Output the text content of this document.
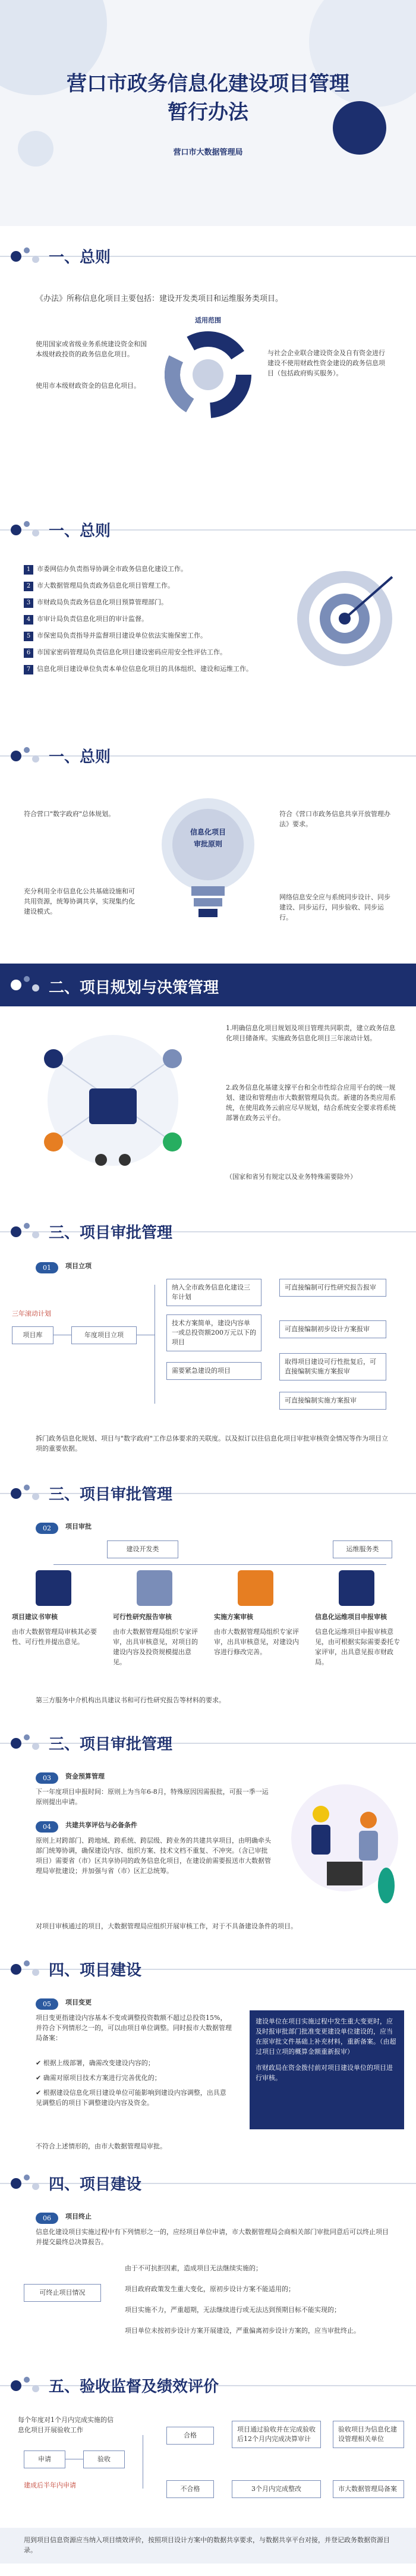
营口市政务信息化建设项目管理
暂行办法
营口市大数据管理局
一、总则
《办法》所称信息化项目主要包括：建设开发类项目和运维服务类项目。
适用范围
使用国家或省级业务系统建设资金和国本级财政投资的政务信息化项目。
使用市本级财政资金的信息化项目。
与社会企业联合建设资金及自有资金进行建设不使用财政性资金建设的政务信息项目（包括政府购买服务）。
一、总则
1 市委网信办负责指导协调全市政务信息化建设工作。
2 市大数据管理局负责政务信息化项目管理工作。
3 市财政局负责政务信息化项目预算管理部门。
4 市审计局负责信息化项目的审计监督。
5 市保密局负责指导并监督项目建设单位依法实施保密工作。
6 市国家密码管理局负责信息化项目建设密码应用安全性评估工作。
7 信息化项目建设单位负责本单位信息化项目的具体组织、建设和运维工作。
一、总则
信息化项目
审批原则
符合营口"数字政府"总体规划。	符合《营口市政务信息共享开放管理办法》要求。
充分利用全市信息化公共基础设施和可共用资源，统筹协调共享，实现集约化建设模式。
网络信息安全应与系统同步设计、同步建设、同步运行，同步验收、同步运行。
二、项目规划与决策管理
1.明确信息化项目规划及项目管理共同职责，建立政务信息化项目储备库。实施政务信息化项目三年滚动计划。
2.政务信息化基建支撑平台和全市性综合应用平台的统一规划、建设和管理由市大数据管理局负责。新建的各类应用系统，在使用政务云前应尽早规划，结合系统安全要求将系统部署在政务云平台。
（国家和省另有规定以及业务特殊需要除外）
三、项目审批管理
01	项目立项
三年滚动计划
项目库	年度项目立项
纳入全市政务信息化建设三年计划
可直接编制可行性研究报告报审
技术方案简单，建设内容单一或总投资额200万元以下的项目
可直接编制初步设计方案报审
需要紧急建设的项目
取得项目建设可行性批复后，可直接编制实施方案报审
可直接编制实施方案报审
拆门政务信息化规划、项目与"数字政府"工作总体要求的关联度。以及拟订以往信息化项目审批审核资金情况等作为项目立项的重要依据。
三、项目审批管理
02	项目审批
建设开发类	运维服务类
项目建议书审核	可行性研究报告审核	实施方案审核	信息化运维项目申报审核
由市大数据管理局审核其必要性、可行性并提出意见。
由市大数据管理局组织专家评审，出具审核意见，对项目的建设内容及投资规模提出意见。
由市大数据管理局组织专家评审，出具审核意见，对建设内容进行修改完善。
信息化运维项目申报审核意见，由可根据实际需要委托专家评审，出具意见报市财政局。
第三方服务中介机构出具建议书和可行性研究报告等材料的要求。
三、项目审批管理
03	资金预算管理
下一年度项目申报时间：原则上为当年6-8月，特殊原因因需报批，可报一季一运原则提出申请。
04	共建共享评估与必备条件
原则上对跨部门、跨地域、跨系统、跨层级、跨业务的共建共享项目，由明确牵头部门统筹协调，确保建设内容、组织方案、技术文档不重复、不冲突。（含已审批项目）需要省（市）区共享协同的政务信息化项目，在建设前需要报送市大数据管理局审批建设；并加强与省（市）区汇总统筹。
对项目审核通过的项目，大数据管理局应组织开展审核工作，对于不具备建设条件的项目。
四、项目建设
05	项目变更
项目变更指建设内容基本不变或调整投资数额不超过总投资15%，并符合下列情形之一的，可以由项目单位调整。同时报市大数据管理局备案：
✔ 根据上级部署，确需改变建设内容的；
✔ 确需对原项目技术方案进行完善优化的；
✔ 根据建设信息化项目建设单位可能影响到建设内容调整，出具意见调整后的项目下调整建设内容及资金。
建设单位在项目实施过程中发生重大变更时，应及时报审批部门批准变更建设单位建设的，应当在原审批文件基础上补充材料，重新备案。（由超过项目立项的概算金额重新报审）
市财政局在资金拨付前对项目建设单位的项目进行审核。
不符合上述情形的，由市大数据管理局审批。
四、项目建设
06	项目终止
信息化建设项目实施过程中有下列情形之一的，应经项目单位申请，市大数据管理局会商相关部门审批同意后可以终止项目并提交最终总决算报告。
可终止项目情况
由于不可抗拒因素，造成项目无法继续实施的；
项目政府政策发生重大变化，原初步设计方案不能适用的；
项目实施不力，严重超期，无法继续进行或无法达到预期目标不能实现的；
项目单位未按初步设计方案开展建设，严重偏离初步设计方案的，应当审批终止。
五、验收监督及绩效评价
每个年度对1个月内完成实施的信息化项目开展验收工作
申请	验收
合格
不合格
项目通过验收并在完成验收后12个月内完成决算审计
3个月内完成整改
验收项目为信息化建设管理相关单位
市大数据管理局备案
建成后半年内申请
用到项目信息资源应当纳入项目绩效评价，按照项目设计方案中的数据共享要求，与数据共享平台对接，并登记政务数据资源目录。
